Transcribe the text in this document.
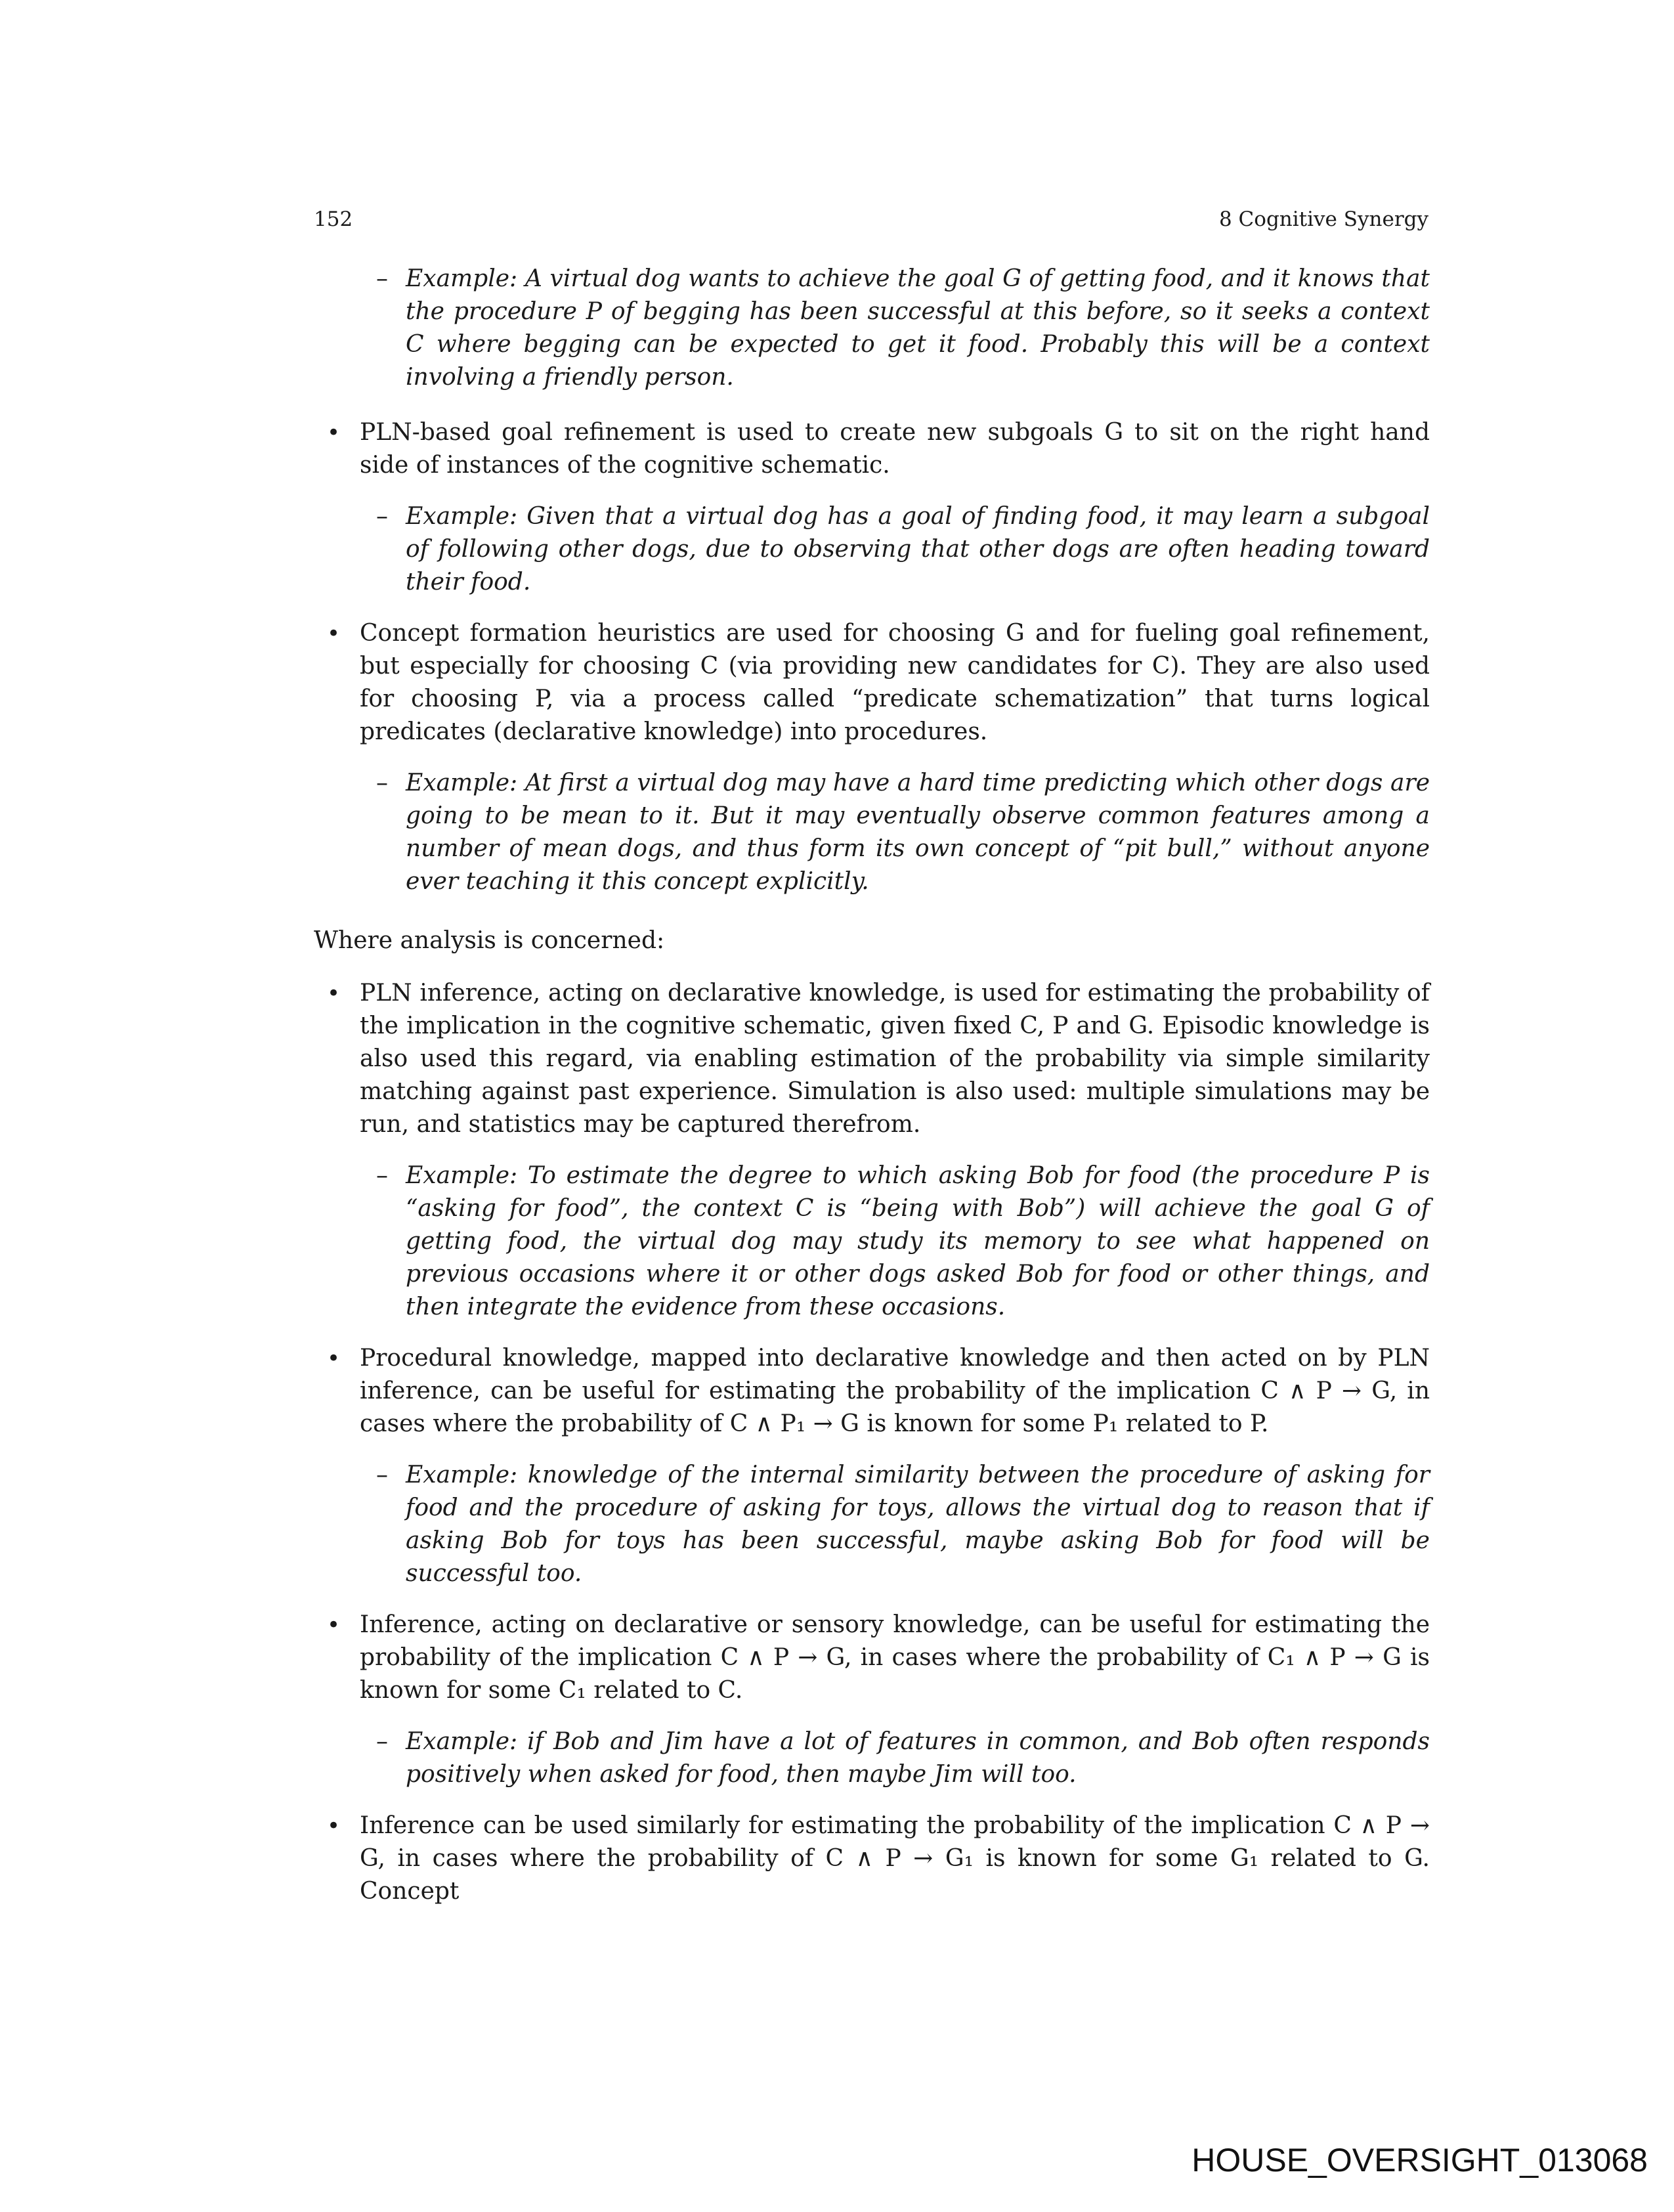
152	8 Cognitive Synergy

– Example: A virtual dog wants to achieve the goal G of getting food, and it knows that the procedure P of begging has been successful at this before, so it seeks a context C where begging can be expected to get it food. Probably this will be a context involving a friendly person.

• PLN-based goal refinement is used to create new subgoals G to sit on the right hand side of instances of the cognitive schematic.

– Example: Given that a virtual dog has a goal of finding food, it may learn a subgoal of following other dogs, due to observing that other dogs are often heading toward their food.

• Concept formation heuristics are used for choosing G and for fueling goal refinement, but especially for choosing C (via providing new candidates for C). They are also used for choosing P, via a process called “predicate schematization” that turns logical predicates (declarative knowledge) into procedures.

– Example: At first a virtual dog may have a hard time predicting which other dogs are going to be mean to it. But it may eventually observe common features among a number of mean dogs, and thus form its own concept of “pit bull,” without anyone ever teaching it this concept explicitly.

Where analysis is concerned:

• PLN inference, acting on declarative knowledge, is used for estimating the probability of the implication in the cognitive schematic, given fixed C, P and G. Episodic knowledge is also used this regard, via enabling estimation of the probability via simple similarity matching against past experience. Simulation is also used: multiple simulations may be run, and statistics may be captured therefrom.

– Example: To estimate the degree to which asking Bob for food (the procedure P is “asking for food”, the context C is “being with Bob”) will achieve the goal G of getting food, the virtual dog may study its memory to see what happened on previous occasions where it or other dogs asked Bob for food or other things, and then integrate the evidence from these occasions.

• Procedural knowledge, mapped into declarative knowledge and then acted on by PLN inference, can be useful for estimating the probability of the implication C ∧ P → G, in cases where the probability of C ∧ P₁ → G is known for some P₁ related to P.

– Example: knowledge of the internal similarity between the procedure of asking for food and the procedure of asking for toys, allows the virtual dog to reason that if asking Bob for toys has been successful, maybe asking Bob for food will be successful too.

• Inference, acting on declarative or sensory knowledge, can be useful for estimating the probability of the implication C ∧ P → G, in cases where the probability of C₁ ∧ P → G is known for some C₁ related to C.

– Example: if Bob and Jim have a lot of features in common, and Bob often responds positively when asked for food, then maybe Jim will too.

• Inference can be used similarly for estimating the probability of the implication C ∧ P → G, in cases where the probability of C ∧ P → G₁ is known for some G₁ related to G. Concept

HOUSE_OVERSIGHT_013068
